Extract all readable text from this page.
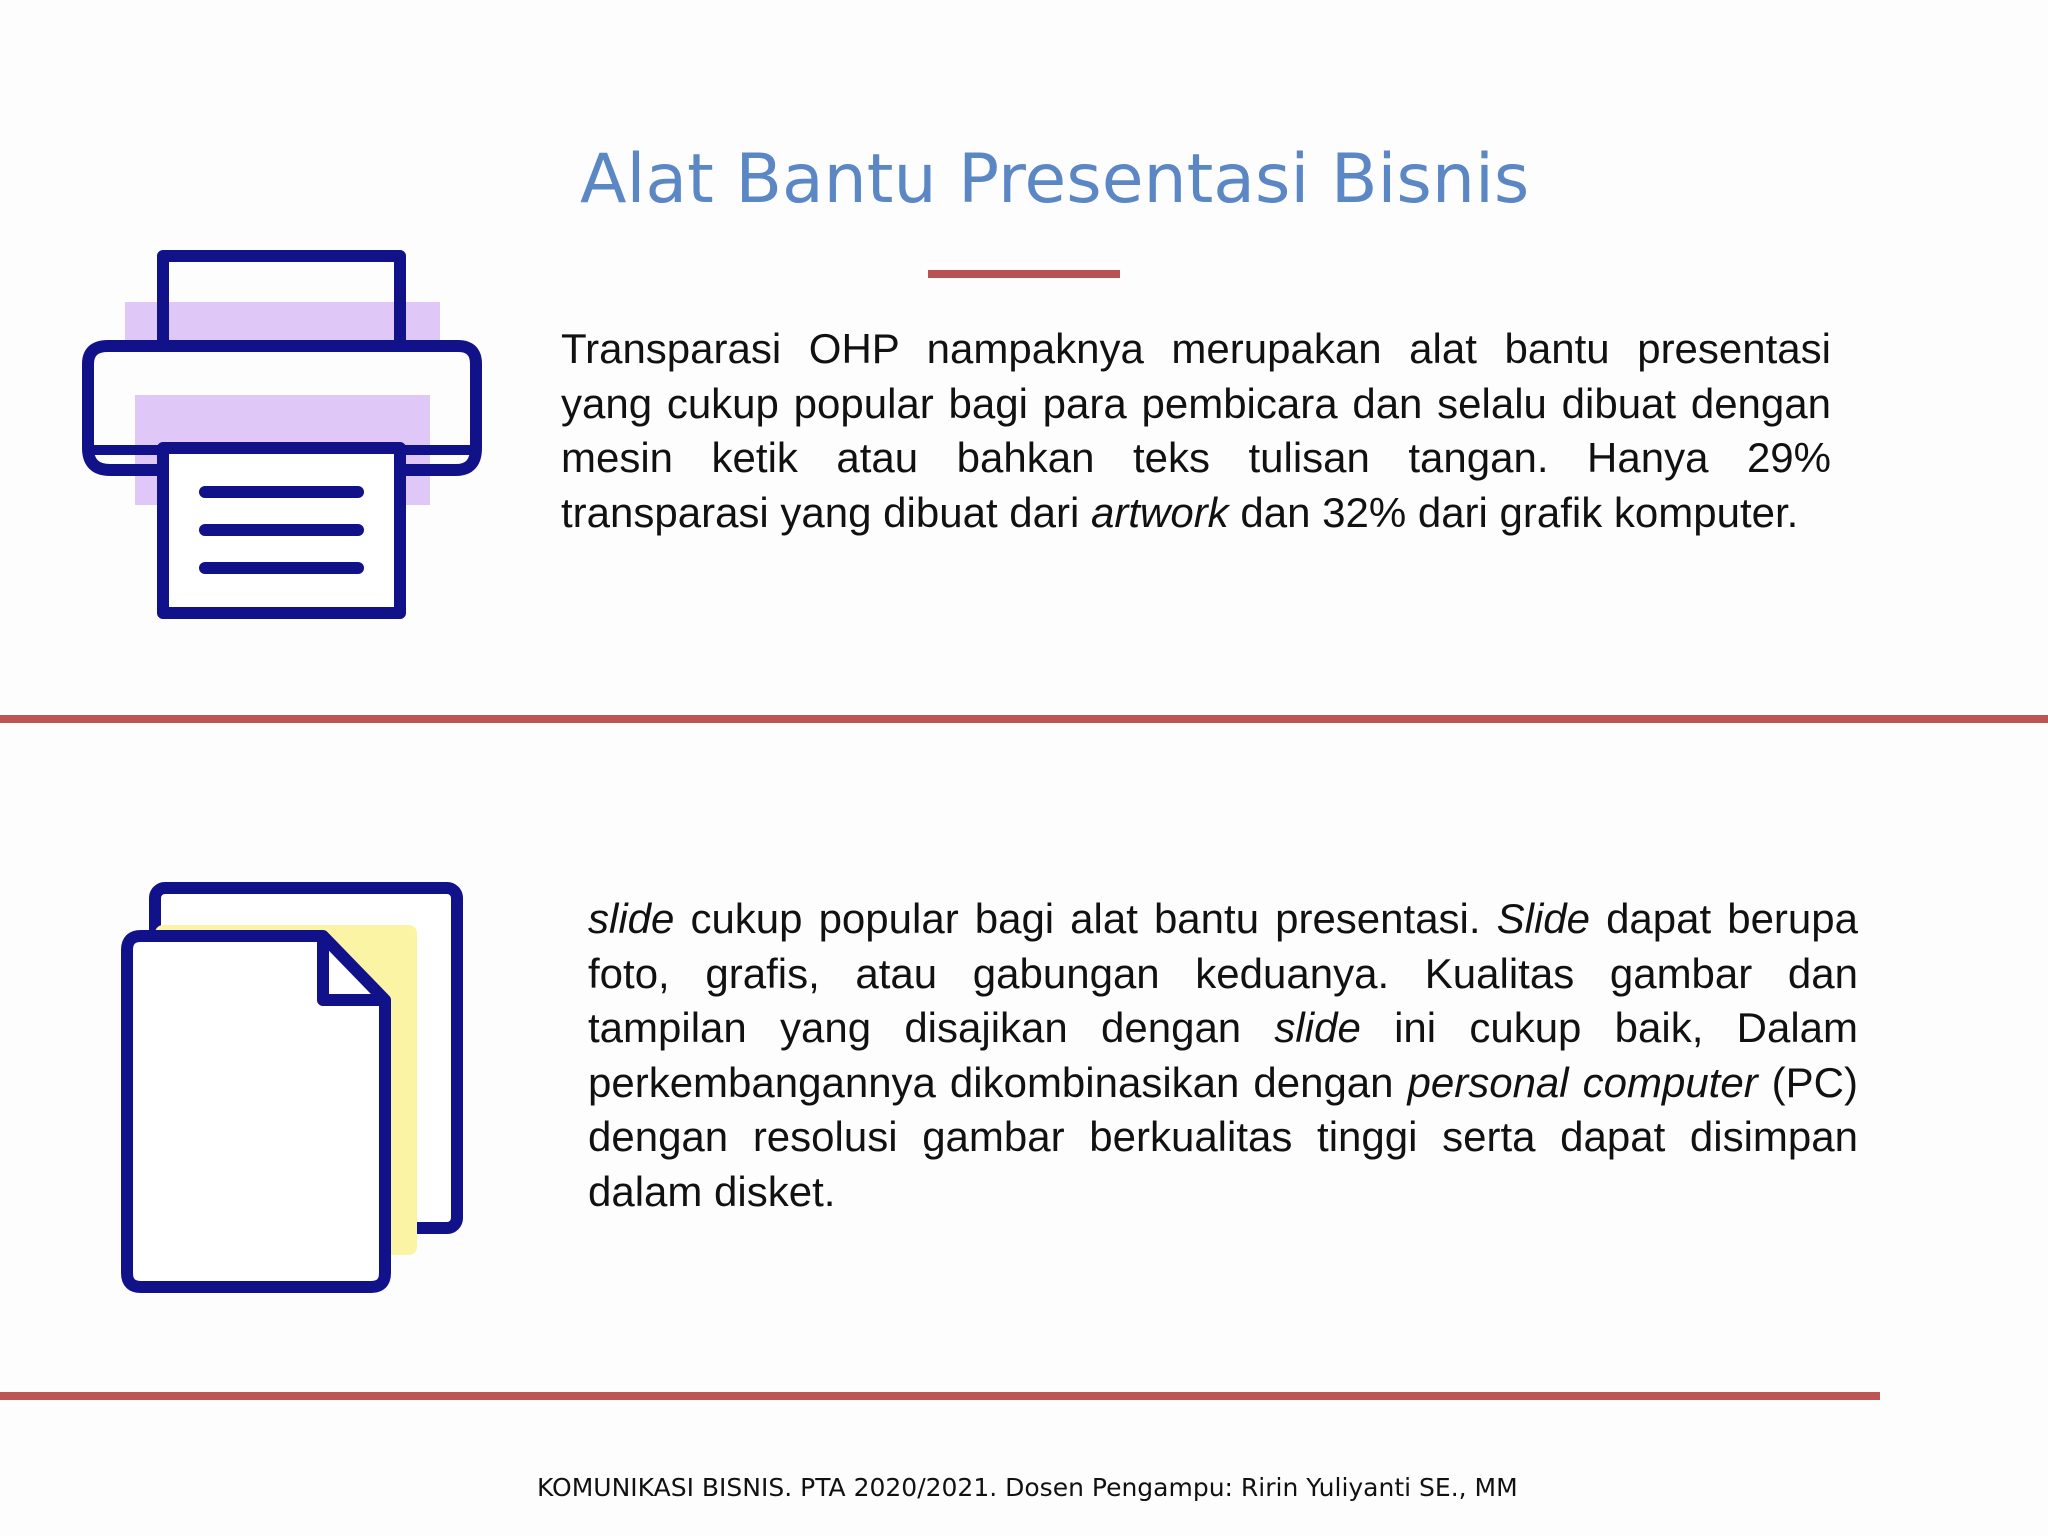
Alat Bantu Presentasi Bisnis
Transparasi OHP nampaknya merupakan alat bantu presentasi yang cukup popular bagi para pembicara dan selalu dibuat dengan mesin ketik atau bahkan teks tulisan tangan. Hanya 29% transparasi yang dibuat dari artwork dan 32% dari grafik komputer.
slide cukup popular bagi alat bantu presentasi. Slide dapat berupa foto, grafis, atau gabungan keduanya. Kualitas gambar dan tampilan yang disajikan dengan slide ini cukup baik, Dalam perkembangannya dikombinasikan dengan personal computer (PC) dengan resolusi gambar berkualitas tinggi serta dapat disimpan dalam disket.
KOMUNIKASI BISNIS. PTA 2020/2021. Dosen Pengampu: Ririn Yuliyanti SE., MM
